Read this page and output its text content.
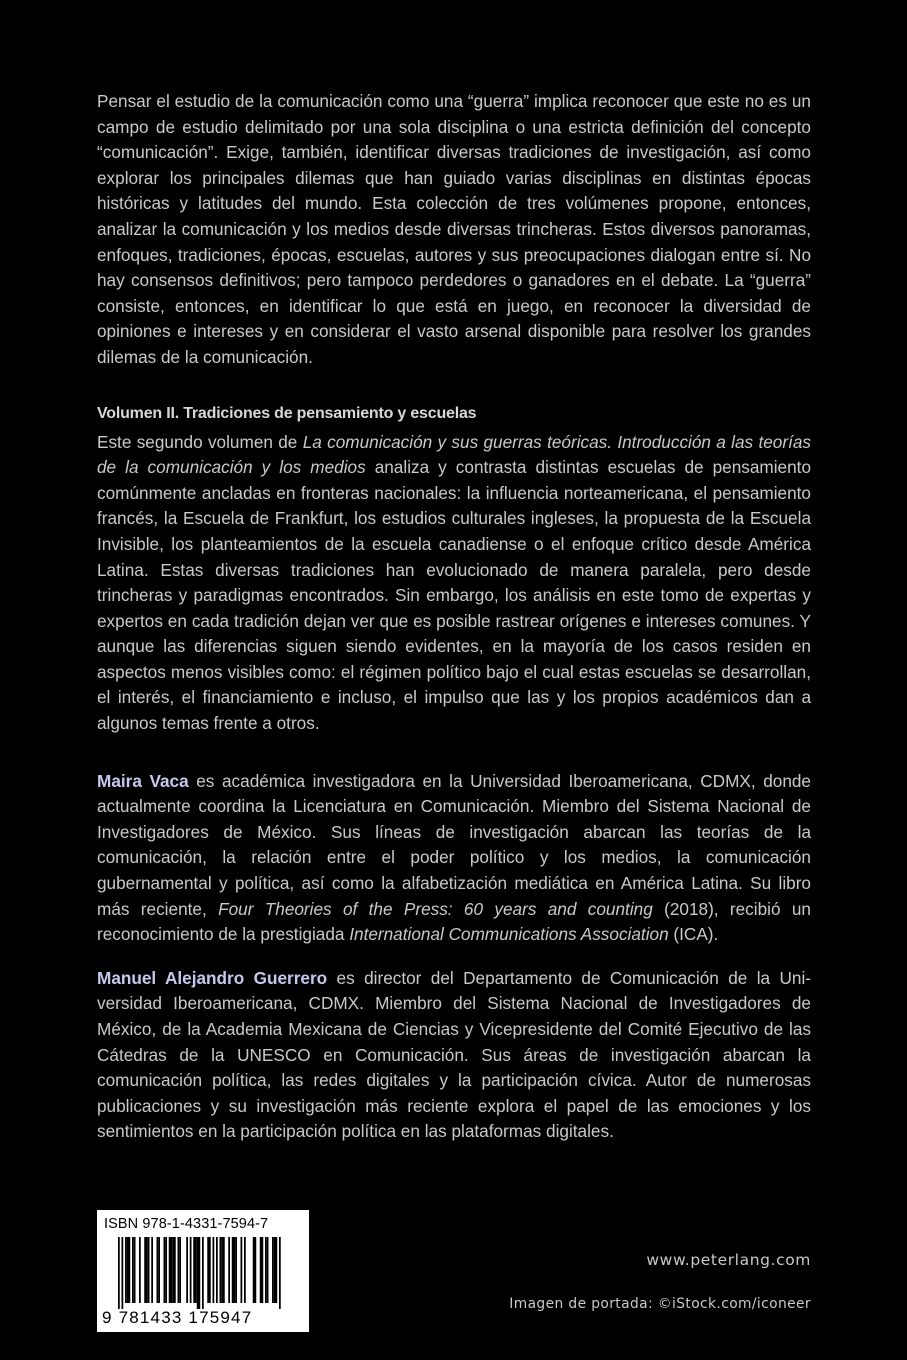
Pensar el estudio de la comunicación como una “guerra” implica reconocer que este no es un campo de estudio delimitado por una sola disciplina o una estricta definición del concepto “comunicación”. Exige, también, identificar diversas tradiciones de investigación, así como explorar los principales dilemas que han guiado varias disciplinas en distintas épocas históricas y latitudes del mundo. Esta colección de tres volúmenes propone, entonces, analizar la comunicación y los medios desde diversas trincheras. Estos diversos panoramas, enfoques, tradiciones, épocas, escuelas, autores y sus preocupaciones dialogan entre sí. No hay consensos definitivos; pero tampoco perdedores o ganadores en el debate. La “guerra” consiste, entonces, en identificar lo que está en juego, en reconocer la diversidad de opiniones e intereses y en considerar el vasto arsenal disponible para resolver los grandes dilemas de la comunicación.

Volumen II. Tradiciones de pensamiento y escuelas

Este segundo volumen de La comunicación y sus guerras teóricas. Introducción a las teorías de la comunicación y los medios analiza y contrasta distintas escuelas de pensamiento comúnmente ancladas en fronteras nacionales: la influencia norteamericana, el pensamiento francés, la Escuela de Frankfurt, los estudios culturales ingleses, la propuesta de la Escuela Invisible, los planteamientos de la escuela canadiense o el enfoque crítico desde América Latina. Estas diversas tradiciones han evolucionado de manera paralela, pero desde trincheras y paradigmas encontrados. Sin embargo, los análisis en este tomo de expertas y expertos en cada tradición dejan ver que es posible rastrear orígenes e intereses comunes. Y aunque las diferencias siguen siendo evidentes, en la mayoría de los casos residen en aspectos menos visibles como: el régimen político bajo el cual estas escuelas se desarrollan, el interés, el financiamiento e incluso, el impulso que las y los propios académicos dan a algunos temas frente a otros.

Maira Vaca es académica investigadora en la Universidad Iberoamericana, CDMX, donde actualmente coordina la Licenciatura en Comunicación. Miembro del Sistema Nacional de Investigadores de México. Sus líneas de investigación abarcan las teorías de la comunicación, la relación entre el poder político y los medios, la comunicación gubernamental y política, así como la alfabetización mediática en América Latina. Su libro más reciente, Four Theories of the Press: 60 years and counting (2018), recibió un reconocimiento de la prestigiada International Communications Association (ICA).

Manuel Alejandro Guerrero es director del Departamento de Comunicación de la Universidad Iberoamericana, CDMX. Miembro del Sistema Nacional de Investigadores de México, de la Academia Mexicana de Ciencias y Vicepresidente del Comité Ejecutivo de las Cátedras de la UNESCO en Comunicación. Sus áreas de investigación abarcan la comunicación política, las redes digitales y la participación cívica. Autor de numerosas publicaciones y su investigación más reciente explora el papel de las emociones y los sentimientos en la participación política en las plataformas digitales.

ISBN 978-1-4331-7594-7
9 781433 175947
www.peterlang.com
Imagen de portada: ©iStock.com/iconeer
